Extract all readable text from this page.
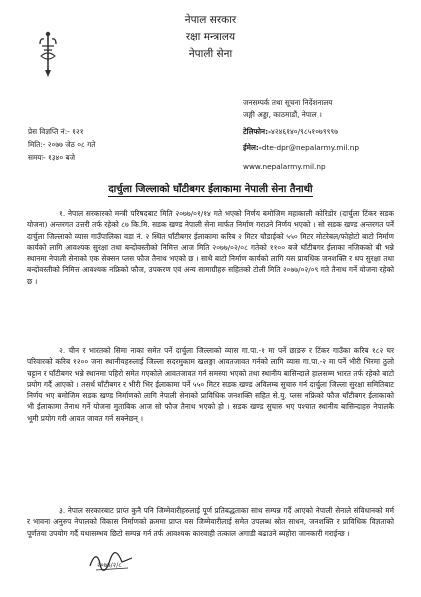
नेपाल सरकार
रक्षा मन्त्रालय
नेपाली सेना
जनसम्पर्क तथा सूचना निर्देशनालय
जङ्गी अड्डा, काठमाडौं, नेपाल ।
टेलिफोन:-४२४६१४०/९८५१०७९९९७
ईमेल:-dte-dpr@nepalarmy.mil.np
www.nepalarmy.mil.np
प्रेस विज्ञप्ति नं:- १२१
मिति:- २०७७ जेठ ०८ गते
समयः- १३४० बजे
दार्चुला जिल्लाको घाँटीबगर ईलाकामा नेपाली सेना तैनाथी

१. नेपाल सरकारको मन्त्री परिषदबाट मिति २०७७/०१/१४ गते भएको निर्णय बमोजिम महाकाली कोरिडोर (दार्चुला टिंकर सडक योजना) अन्तरगत उत्तरी तर्फ रहेको ८७ कि.मि. सडक खण्ड नेपाली सेना मार्फत निर्माण गराउने निर्णय भएको । सो सडक खण्ड अन्तरगत पर्ने दार्चुला जिल्लाको व्यास गाउँपालिका वडा नं. २ स्थित घाँटीबगर ईलाकामा करिब २ मिटर चौडाईको ५५० मिटर मोटरेबल/फोहोटो बाटो निर्माण कार्यको लागि आवश्यक सुरक्षा तथा बन्दोवस्तीको निमित्त आज मिति २०७७/०२/०८ गतेको ११०० बजे घाँटीबगर ईलाका नजिकको बी भन्ने स्थानमा नेपाली सेनाको एक सेक्सन प्लस फौज तैनाथ भएको छ । साथै बाटो निर्माण कार्यको लागि यस प्रावधिक जनशक्ति र थप सुरक्षा तथा बन्दोवस्तीको निमित्त आवश्यक नफ्रिको फौज, उपकरण एवं अन्य सामाग्रीहरु सहितको टोली मिति २०७७/०२/०९ गते तैनाथ गर्ने योजना रहेको छ ।

२. चीन र भारतको सिमा नाका समेत पर्ने दार्चुला जिल्लाको व्यास गा.पा.-१ मा पर्ने छाङरु र टिंकर गाउँका करिब १८२ घर परिवारको करिब १२०० जना स्थानीयहरुलाई जिल्ला सदरमुकाम खलङ्गा आवतजावत गर्नको लागि व्यास गा.पा.-२ मा पर्ने भीरी भिरमा ठुलो चट्टान र घाँटीबगर भन्ने स्थानमा पहिरो समेत गएकोले आवतजावत गर्न समस्या भएको तथा स्थानीय बासिन्दाले हालसम्म भारत तर्फ रहेको बाटो प्रयोग गर्दै आएको । तसर्थ घाँटीबगर र भीरी भिर ईलाकामा पर्ने ५५० मिटर सडक खण्ड अविलम्ब सुचारु गर्न दार्चुला जिल्ला सुरक्षा समितिबाट निर्णय भए बमोजिम सडक खण्ड निर्माणको लागि नेपाली सेनाको प्राविधिक जनशक्ति सहित से.यु. प्लस नफ्रिको फौज घाँटीबगर ईलाकाको भी ईलाकामा तैनाथ गर्ने योजना मुताबिक आज सो फौज तैनाथ भएको हो । सडक खण्ड सुचारु भए पश्चात स्थानीय बासिन्दाहरु नेपालकै भूमी प्रयोग गरी आवत जावत गर्न सक्नेछन् ।

३. नेपाल सरकारबाट प्राप्त कुनै पनि जिम्मेवारीहरुलाई पूर्ण प्रतिबद्धताका साथ सम्पन्न गर्दै आएको नेपाली सेनाले संविधानको मर्म र भावना अनुरुप नेपालको विकास निर्माणको क्रममा प्राप्त यस जिम्मेवारीलाई समेत उपलब्ध स्रोत साधन, जनशक्ति र प्राविधिक विज्ञताको पूर्णतया उपयोग गर्दै यथासम्भव छिटो सम्पन्न गर्न तर्फ आवश्यक कारवाही तत्काल अगाडी बढाउने ब्यहोरा जानकारी गराईन्छ ।

२०७७/२/८
